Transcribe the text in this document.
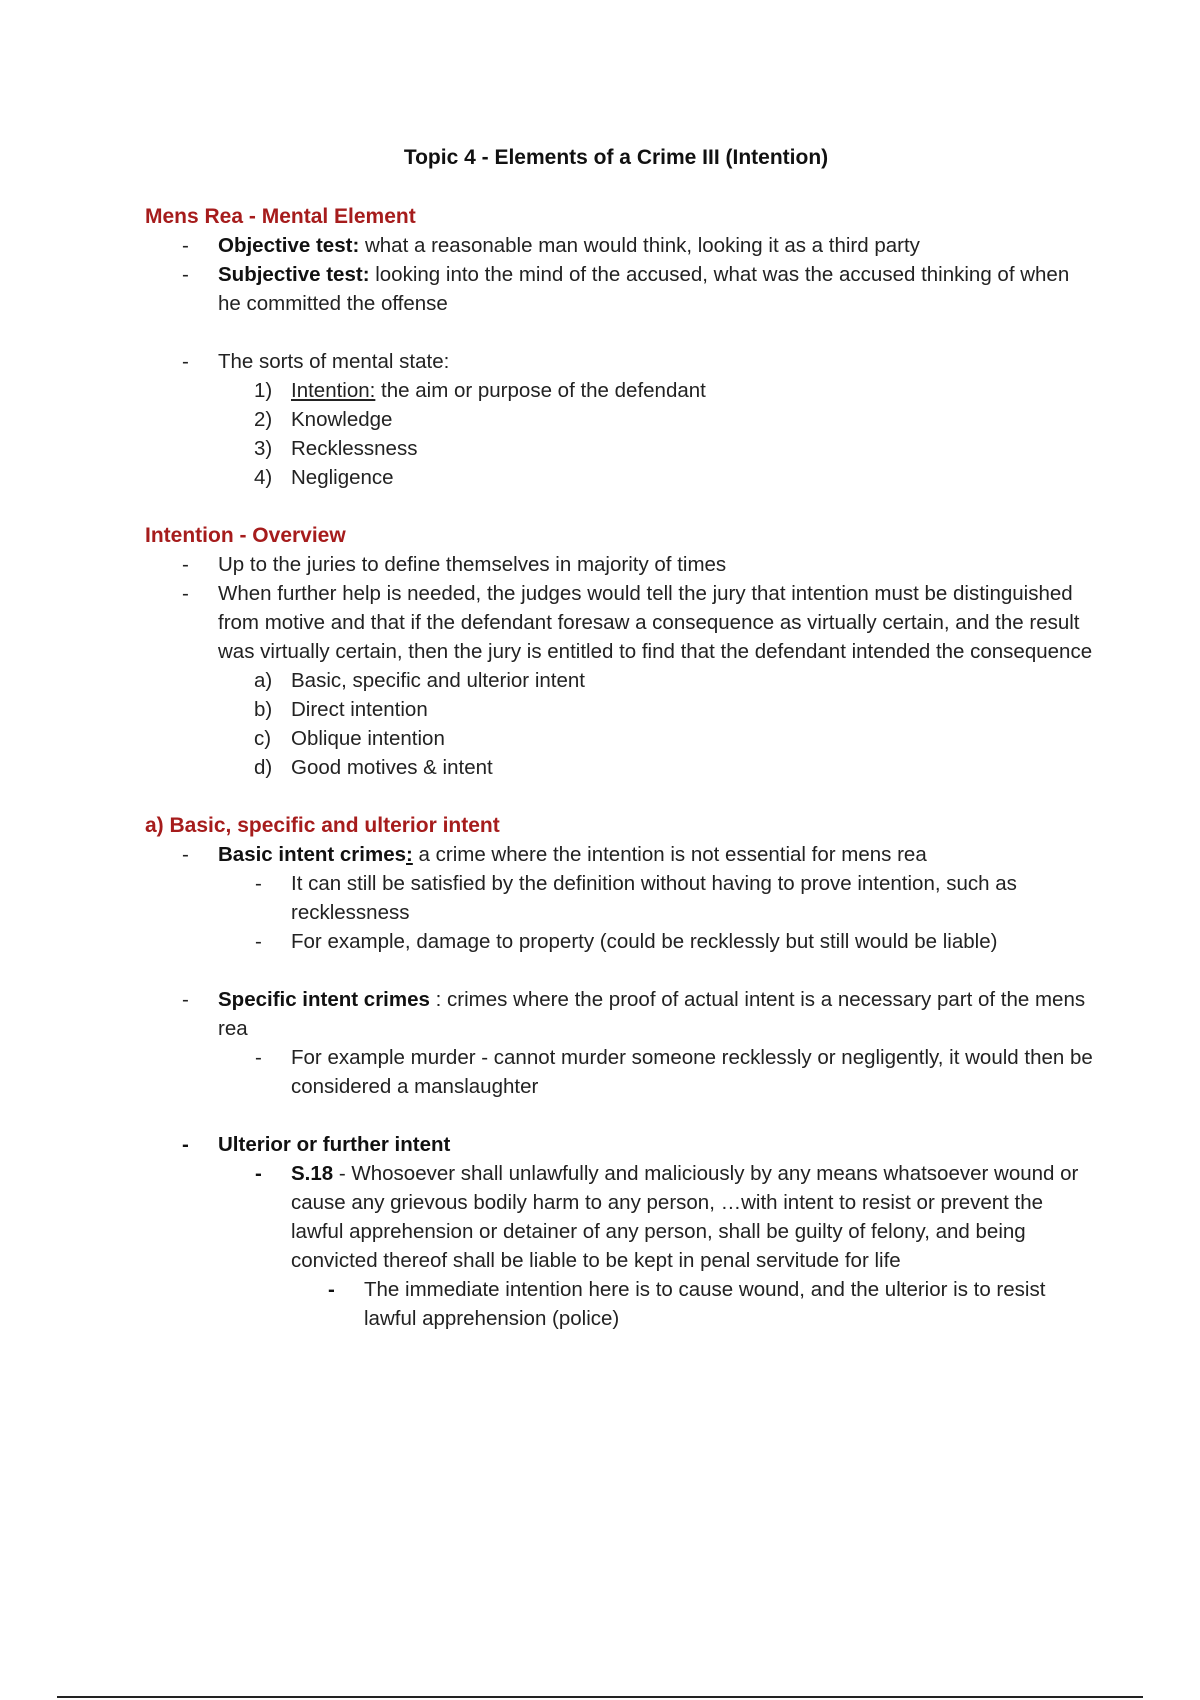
Topic 4 - Elements of a Crime III (Intention)
Mens Rea - Mental Element
- Objective test: what a reasonable man would think, looking it as a third party
- Subjective test: looking into the mind of the accused, what was the accused thinking of when he committed the offense
- The sorts of mental state:
1) Intention: the aim or purpose of the defendant
2) Knowledge
3) Recklessness
4) Negligence
Intention - Overview
- Up to the juries to define themselves in majority of times
- When further help is needed, the judges would tell the jury that intention must be distinguished from motive and that if the defendant foresaw a consequence as virtually certain, and the result was virtually certain, then the jury is entitled to find that the defendant intended the consequence
a) Basic, specific and ulterior intent
b) Direct intention
c) Oblique intention
d) Good motives & intent
a) Basic, specific and ulterior intent
- Basic intent crimes: a crime where the intention is not essential for mens rea
- It can still be satisfied by the definition without having to prove intention, such as recklessness
- For example, damage to property (could be recklessly but still would be liable)
- Specific intent crimes : crimes where the proof of actual intent is a necessary part of the mens rea
- For example murder - cannot murder someone recklessly or negligently, it would then be considered a manslaughter
- Ulterior or further intent
- S.18 - Whosoever shall unlawfully and maliciously by any means whatsoever wound or cause any grievous bodily harm to any person, …with intent to resist or prevent the lawful apprehension or detainer of any person, shall be guilty of felony, and being convicted thereof shall be liable to be kept in penal servitude for life
- The immediate intention here is to cause wound, and the ulterior is to resist lawful apprehension (police)
